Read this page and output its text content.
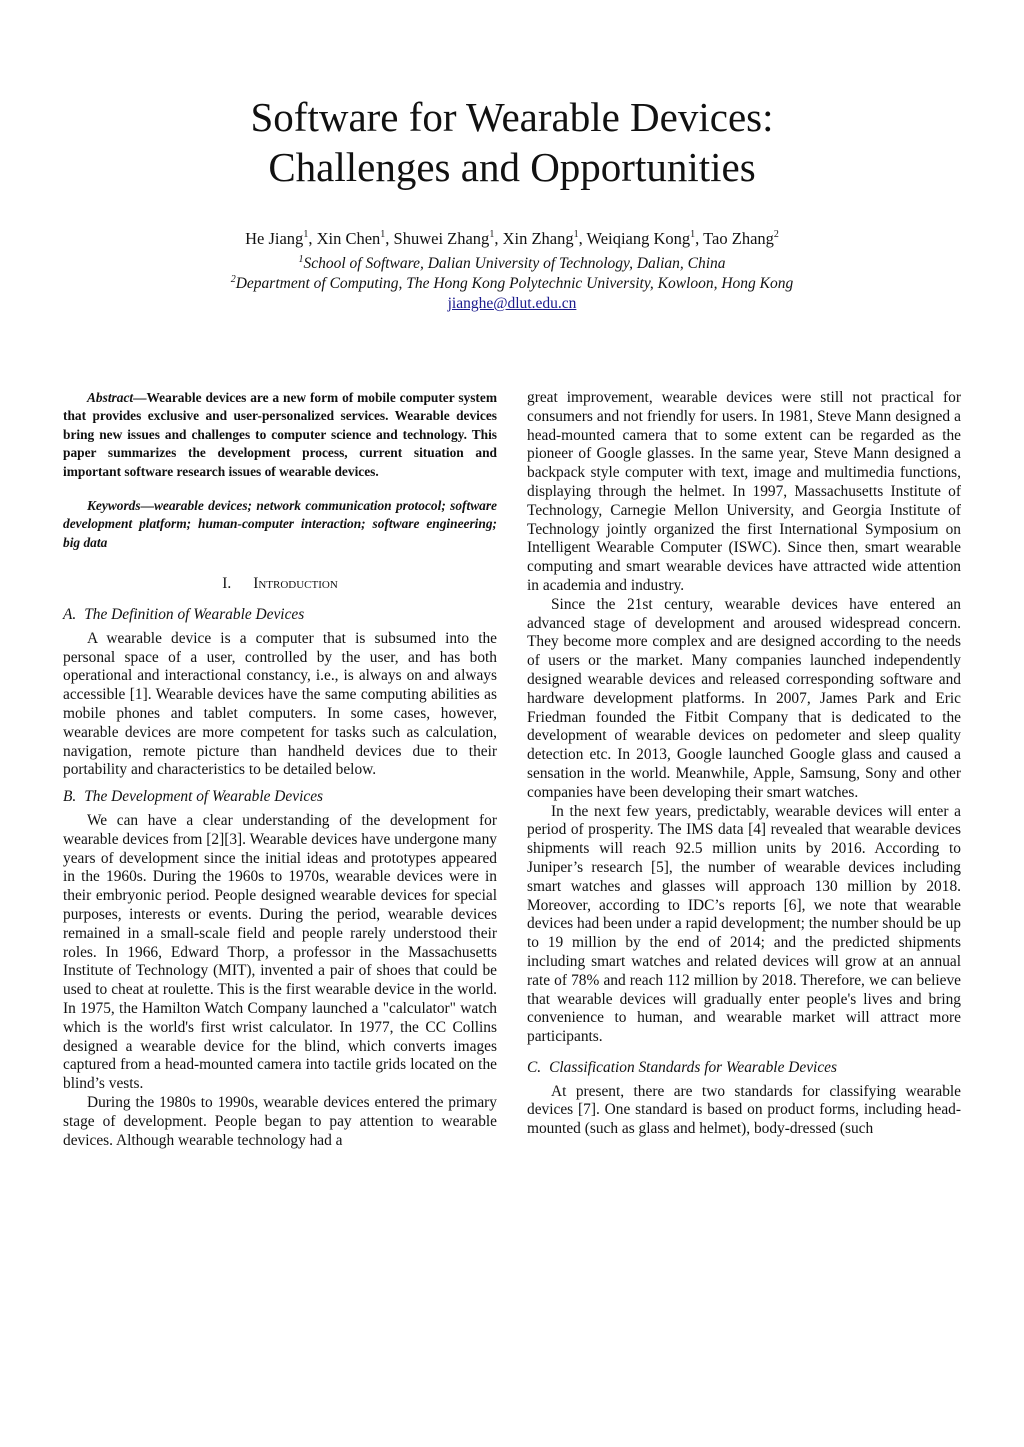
Software for Wearable Devices:
Challenges and Opportunities
He Jiang$^1$, Xin Chen$^1$, Shuwei Zhang$^1$, Xin Zhang$^1$, Weiqiang Kong$^1$, Tao Zhang$^2$
$^1$School of Software, Dalian University of Technology, Dalian, China
$^2$Department of Computing, The Hong Kong Polytechnic University, Kowloon, Hong Kong
jianghe@dlut.edu.cn

Abstract—Wearable devices are a new form of mobile computer system that provides exclusive and user-personalized services. Wearable devices bring new issues and challenges to computer science and technology. This paper summarizes the development process, current situation and important software research issues of wearable devices.

Keywords—wearable devices; network communication protocol; software development platform; human-computer interaction; software engineering; big data

I. Introduction
A. The Definition of Wearable Devices

A wearable device is a computer that is subsumed into the personal space of a user, controlled by the user, and has both operational and interactional constancy, i.e., is always on and always accessible [1]. Wearable devices have the same computing abilities as mobile phones and tablet computers. In some cases, however, wearable devices are more competent for tasks such as calculation, navigation, remote picture than handheld devices due to their portability and characteristics to be detailed below.

B. The Development of Wearable Devices

We can have a clear understanding of the development for wearable devices from [2][3]. Wearable devices have undergone many years of development since the initial ideas and prototypes appeared in the 1960s. During the 1960s to 1970s, wearable devices were in their embryonic period. People designed wearable devices for special purposes, interests or events. During the period, wearable devices remained in a small-scale field and people rarely understood their roles. In 1966, Edward Thorp, a professor in the Massachusetts Institute of Technology (MIT), invented a pair of shoes that could be used to cheat at roulette. This is the first wearable device in the world. In 1975, the Hamilton Watch Company launched a "calculator" watch which is the world's first wrist calculator. In 1977, the CC Collins designed a wearable device for the blind, which converts images captured from a head-mounted camera into tactile grids located on the blind’s vests.

During the 1980s to 1990s, wearable devices entered the primary stage of development. People began to pay attention to wearable devices. Although wearable technology had a

great improvement, wearable devices were still not practical for consumers and not friendly for users. In 1981, Steve Mann designed a head-mounted camera that to some extent can be regarded as the pioneer of Google glasses. In the same year, Steve Mann designed a backpack style computer with text, image and multimedia functions, displaying through the helmet. In 1997, Massachusetts Institute of Technology, Carnegie Mellon University, and Georgia Institute of Technology jointly organized the first International Symposium on Intelligent Wearable Computer (ISWC). Since then, smart wearable computing and smart wearable devices have attracted wide attention in academia and industry.

Since the 21st century, wearable devices have entered an advanced stage of development and aroused widespread concern. They become more complex and are designed according to the needs of users or the market. Many companies launched independently designed wearable devices and released corresponding software and hardware development platforms. In 2007, James Park and Eric Friedman founded the Fitbit Company that is dedicated to the development of wearable devices on pedometer and sleep quality detection etc. In 2013, Google launched Google glass and caused a sensation in the world. Meanwhile, Apple, Samsung, Sony and other companies have been developing their smart watches.

In the next few years, predictably, wearable devices will enter a period of prosperity. The IMS data [4] revealed that wearable devices shipments will reach 92.5 million units by 2016. According to Juniper’s research [5], the number of wearable devices including smart watches and glasses will approach 130 million by 2018. Moreover, according to IDC’s reports [6], we note that wearable devices had been under a rapid development; the number should be up to 19 million by the end of 2014; and the predicted shipments including smart watches and related devices will grow at an annual rate of 78% and reach 112 million by 2018. Therefore, we can believe that wearable devices will gradually enter people's lives and bring convenience to human, and wearable market will attract more participants.

C. Classification Standards for Wearable Devices

At present, there are two standards for classifying wearable devices [7]. One standard is based on product forms, including head-mounted (such as glass and helmet), body-dressed (such
